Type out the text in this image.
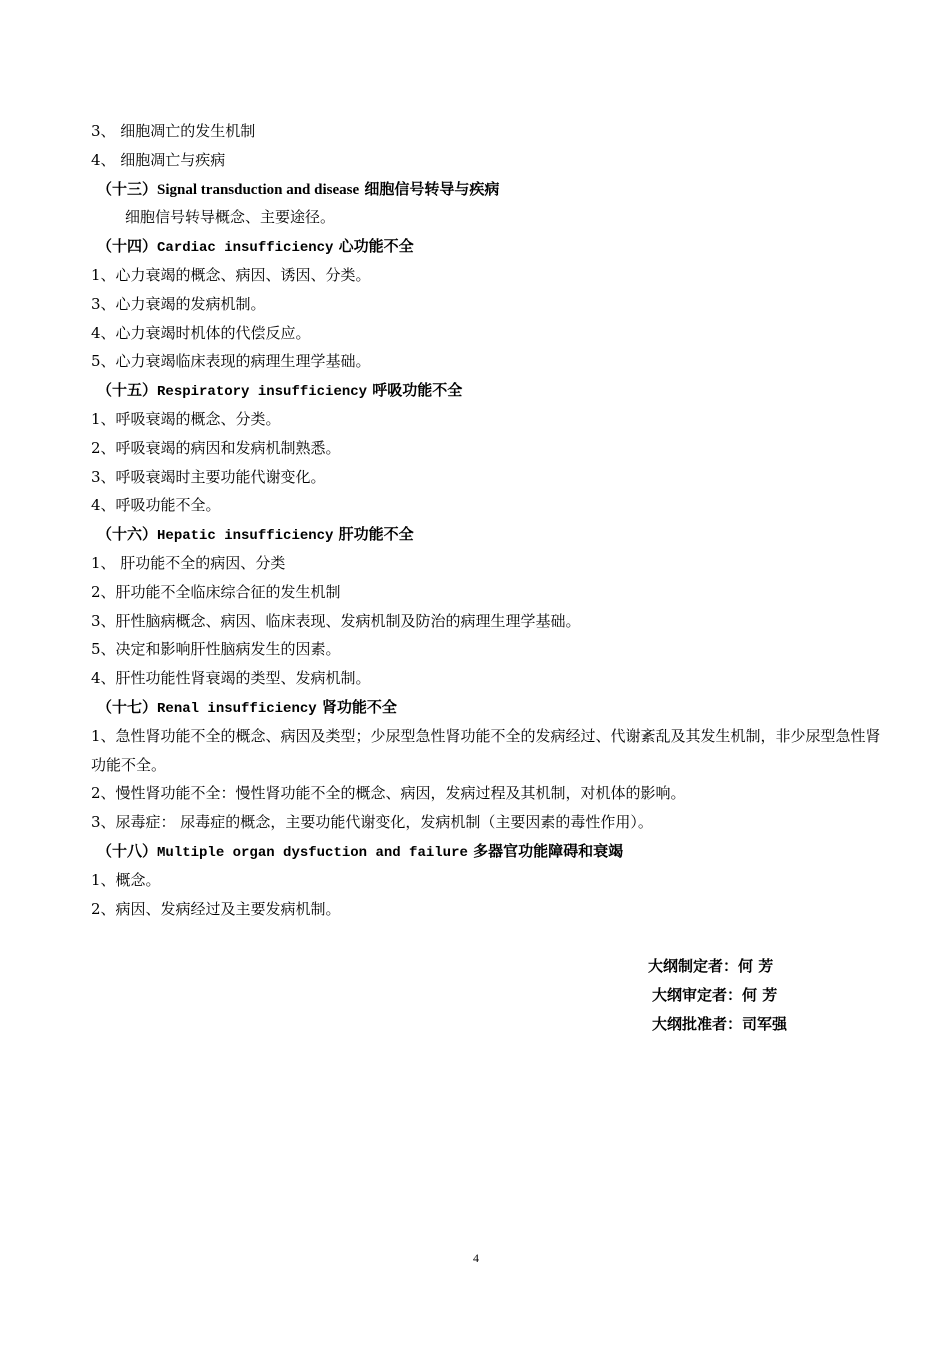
3、 细胞凋亡的发生机制
4、 细胞凋亡与疾病
（十三）Signal transduction and disease 细胞信号转导与疾病
细胞信号转导概念、主要途径。
（十四）Cardiac insufficiency 心功能不全
1、心力衰竭的概念、病因、诱因、分类。
3、心力衰竭的发病机制。
4、心力衰竭时机体的代偿反应。
5、心力衰竭临床表现的病理生理学基础。
（十五）Respiratory insufficiency 呼吸功能不全
1、呼吸衰竭的概念、分类。
2、呼吸衰竭的病因和发病机制熟悉。
3、呼吸衰竭时主要功能代谢变化。
4、呼吸功能不全。
（十六）Hepatic insufficiency 肝功能不全
1、 肝功能不全的病因、分类
2、肝功能不全临床综合征的发生机制
3、肝性脑病概念、病因、临床表现、发病机制及防治的病理生理学基础。
5、决定和影响肝性脑病发生的因素。
4、肝性功能性肾衰竭的类型、发病机制。
（十七）Renal insufficiency 肾功能不全
1、急性肾功能不全的概念、病因及类型；少尿型急性肾功能不全的发病经过、代谢紊乱及其发生机制，非少尿型急性肾功能不全。
2、慢性肾功能不全：慢性肾功能不全的概念、病因，发病过程及其机制，对机体的影响。
3、尿毒症： 尿毒症的概念，主要功能代谢变化，发病机制（主要因素的毒性作用）。
（十八）Multiple organ dysfuction and failure 多器官功能障碍和衰竭
1、概念。
2、病因、发病经过及主要发病机制。
大纲制定者：何 芳
大纲审定者：何 芳
大纲批准者：司军强
4
